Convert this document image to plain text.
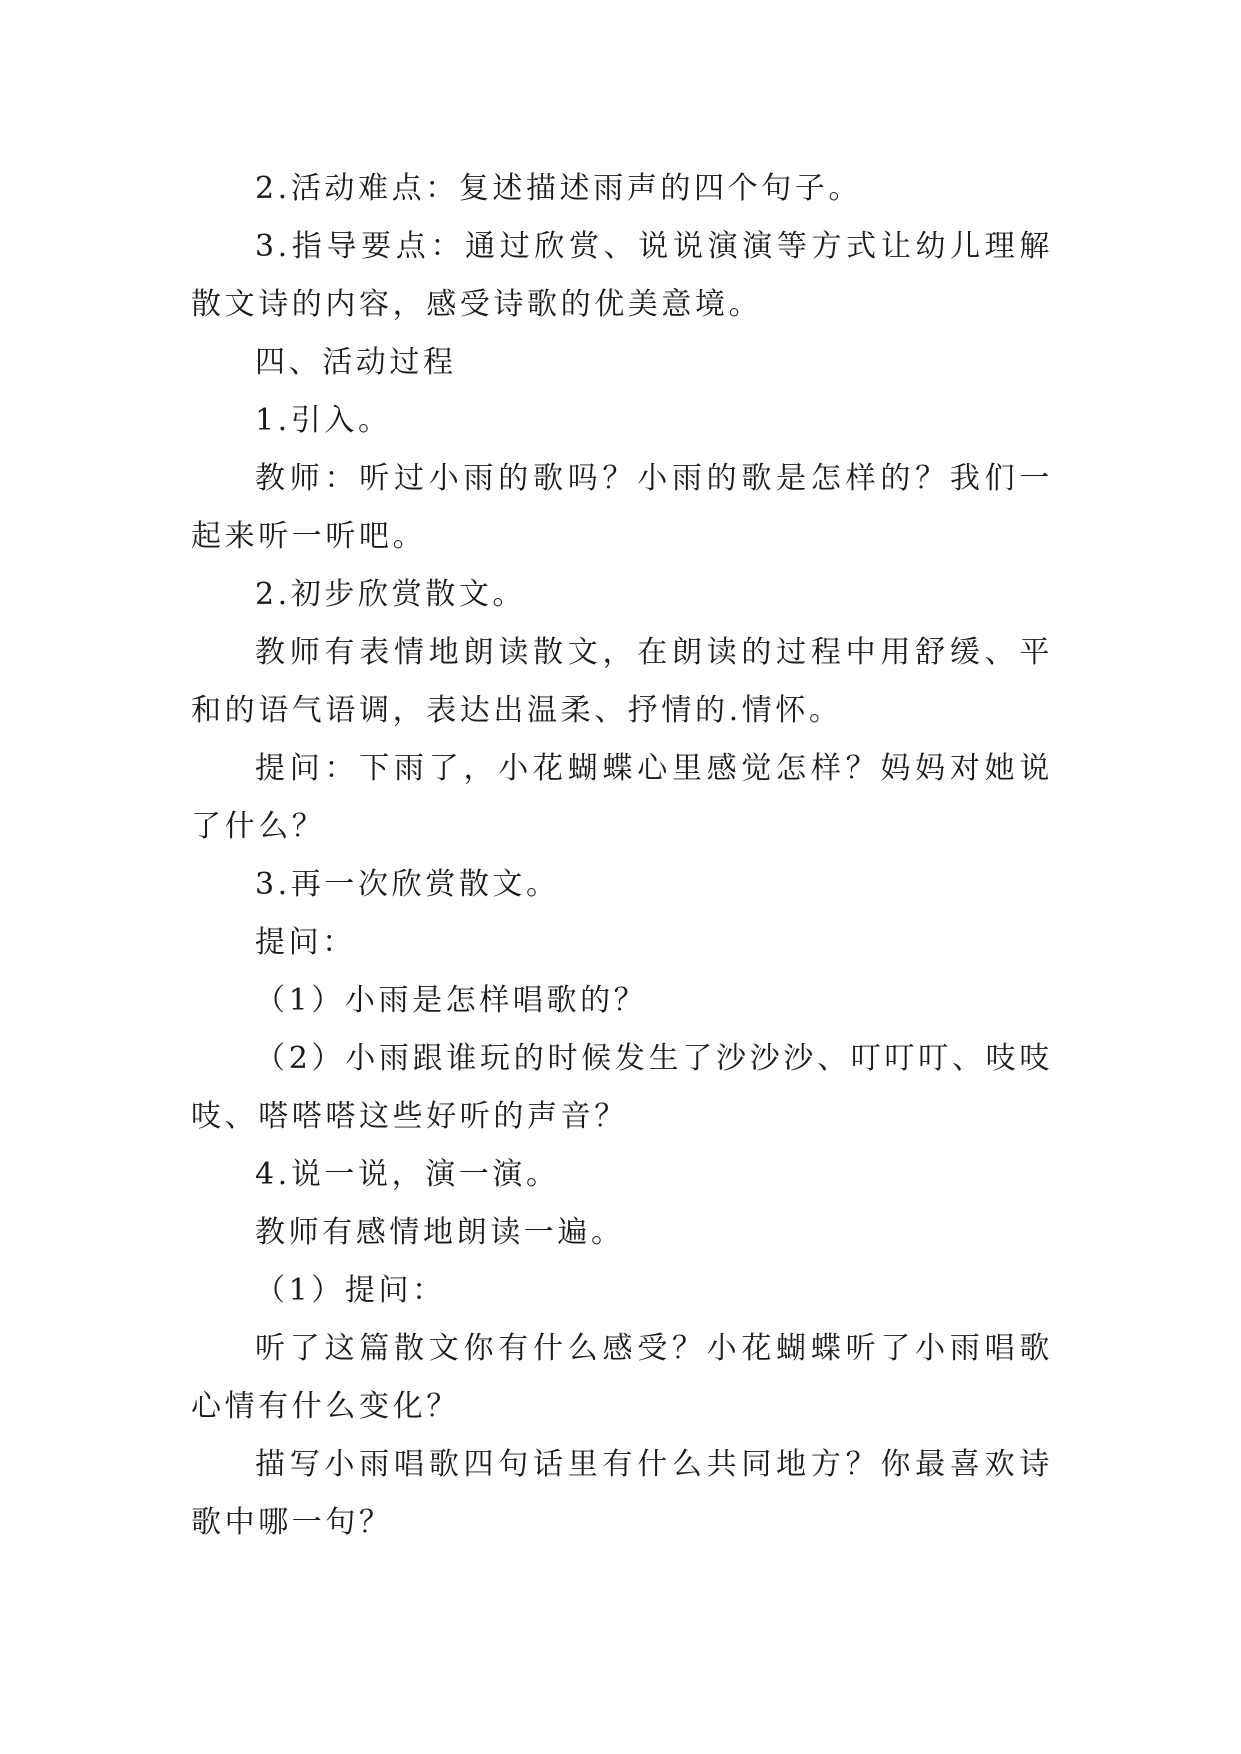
2.活动难点：复述描述雨声的四个句子。

3.指导要点：通过欣赏、说说演演等方式让幼儿理解散文诗的内容，感受诗歌的优美意境。

四、活动过程

1.引入。

教师：听过小雨的歌吗？小雨的歌是怎样的？我们一起来听一听吧。

2.初步欣赏散文。

教师有表情地朗读散文，在朗读的过程中用舒缓、平和的语气语调，表达出温柔、抒情的.情怀。

提问：下雨了，小花蝴蝶心里感觉怎样？妈妈对她说了什么？

3.再一次欣赏散文。

提问：

（1）小雨是怎样唱歌的？

（2）小雨跟谁玩的时候发生了沙沙沙、叮叮叮、吱吱吱、嗒嗒嗒这些好听的声音？

4.说一说，演一演。

教师有感情地朗读一遍。

（1）提问：

听了这篇散文你有什么感受？小花蝴蝶听了小雨唱歌心情有什么变化？

描写小雨唱歌四句话里有什么共同地方？你最喜欢诗歌中哪一句？
